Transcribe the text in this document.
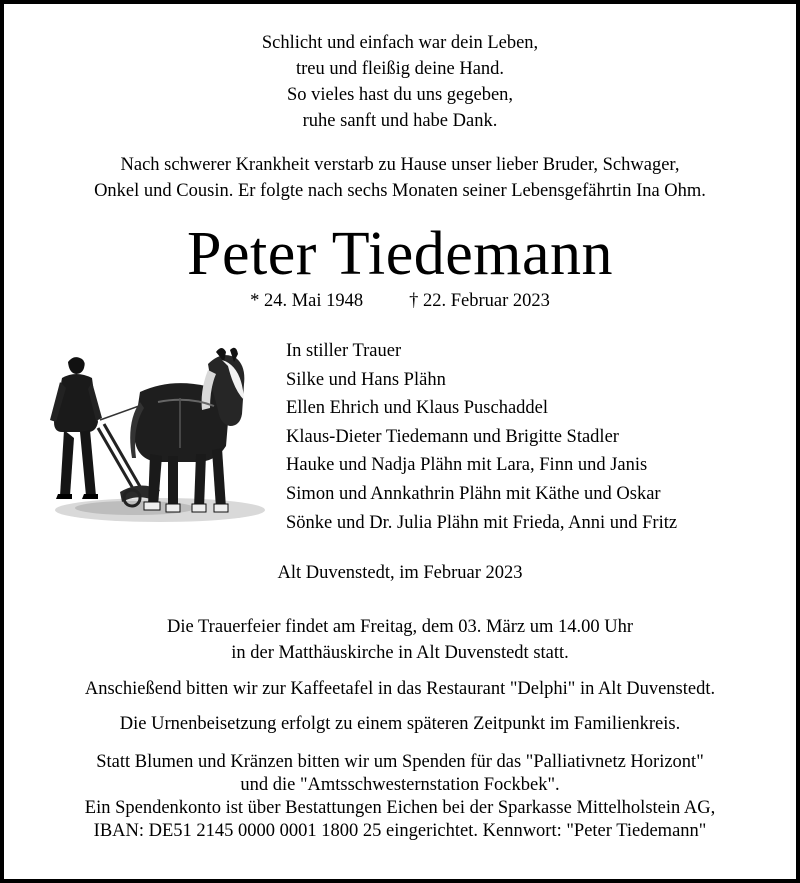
Schlicht und einfach war dein Leben,
treu und fleißig deine Hand.
So vieles hast du uns gegeben,
ruhe sanft und habe Dank.
Nach schwerer Krankheit verstarb zu Hause unser lieber Bruder, Schwager,
Onkel und Cousin. Er folgte nach sechs Monaten seiner Lebensgefährtin Ina Ohm.
Peter Tiedemann
* 24. Mai 1948 † 22. Februar 2023
In stiller Trauer
Silke und Hans Plähn
Ellen Ehrich und Klaus Puschaddel
Klaus-Dieter Tiedemann und Brigitte Stadler
Hauke und Nadja Plähn mit Lara, Finn und Janis
Simon und Annkathrin Plähn mit Käthe und Oskar
Sönke und Dr. Julia Plähn mit Frieda, Anni und Fritz
Alt Duvenstedt, im Februar 2023
Die Trauerfeier findet am Freitag, dem 03. März um 14.00 Uhr
in der Matthäuskirche in Alt Duvenstedt statt.
Anschießend bitten wir zur Kaffeetafel in das Restaurant "Delphi" in Alt Duvenstedt.
Die Urnenbeisetzung erfolgt zu einem späteren Zeitpunkt im Familienkreis.
Statt Blumen und Kränzen bitten wir um Spenden für das "Palliativnetz Horizont"
und die "Amtsschwesternstation Fockbek".
Ein Spendenkonto ist über Bestattungen Eichen bei der Sparkasse Mittelholstein AG,
IBAN: DE51 2145 0000 0001 1800 25 eingerichtet. Kennwort: "Peter Tiedemann"
